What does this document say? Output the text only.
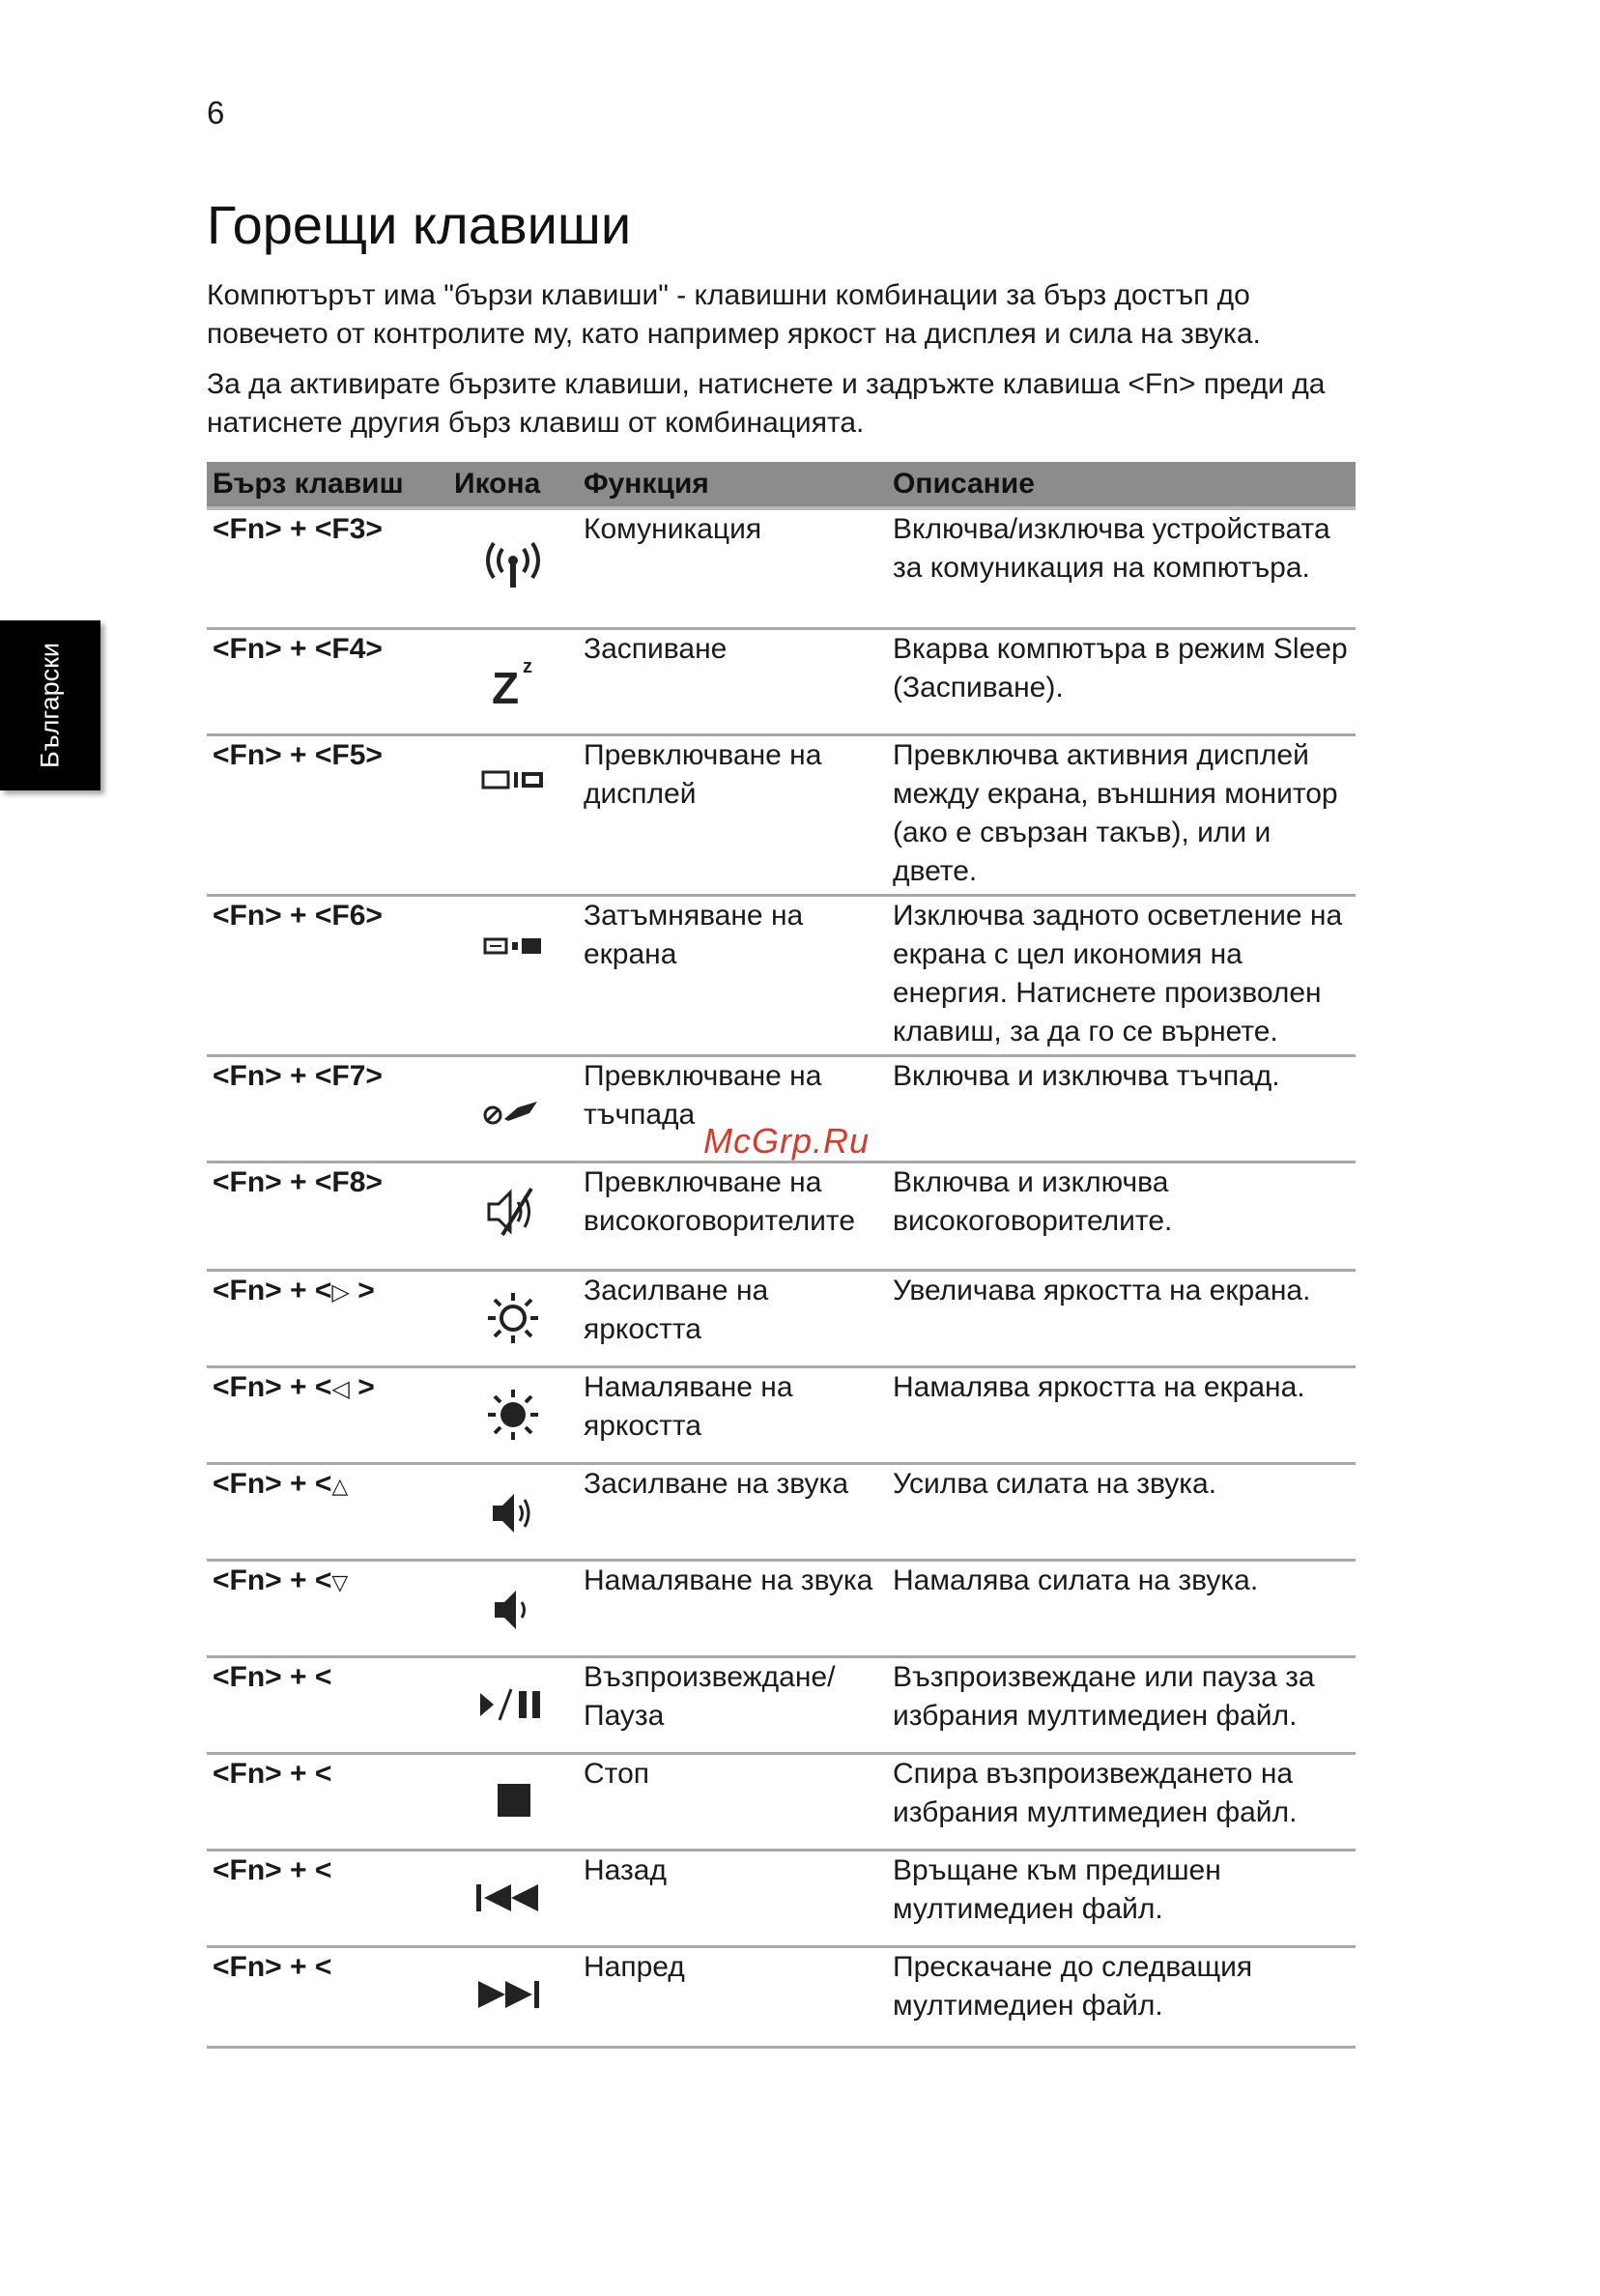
6
Български
Горещи клавиши

Компютърът има "бързи клавиши" - клавишни комбинации за бърз достъп до повечето от контролите му, като например яркост на дисплея и сила на звука.

За да активирате бързите клавиши, натиснете и задръжте клавиша <Fn> преди да натиснете другия бърз клавиш от комбинацията.

Бърз клавиш	Икона	Функция	Описание
<Fn> + <F3>		Комуникация	Включва/изключва устройствата за комуникация на компютъра.
<Fn> + <F4>	Z z	Заспиване	Вкарва компютъра в режим Sleep (Заспиване).
<Fn> + <F5>		Превключване на дисплей	Превключва активния дисплей между екрана, външния монитор (ако е свързан такъв), или и двете.
<Fn> + <F6>		Затъмняване на екрана	Изключва задното осветление на екрана с цел икономия на енергия. Натиснете произволен клавиш, за да го се върнете.
<Fn> + <F7>		Превключване на тъчпада	Включва и изключва тъчпад.
<Fn> + <F8>		Превключване на високоговорителите	Включва и изключва високоговорителите.
<Fn> + <▷ >		Засилване на яркостта	Увеличава яркостта на екрана.
<Fn> + <◁ >		Намаляване на яркостта	Намалява яркостта на екрана.
<Fn> + <△		Засилване на звука	Усилва силата на звука.
<Fn> + <▽		Намаляване на звука	Намалява силата на звука.
<Fn> + <		Възпроизвеждане/ Пауза	Възпроизвеждане или пауза за избрания мултимедиен файл.
<Fn> + <		Стоп	Спира възпроизвеждането на избрания мултимедиен файл.
<Fn> + <		Назад	Връщане към предишен мултимедиен файл.
<Fn> + <		Напред	Прескачане до следващия мултимедиен файл.
McGrp.Ru
